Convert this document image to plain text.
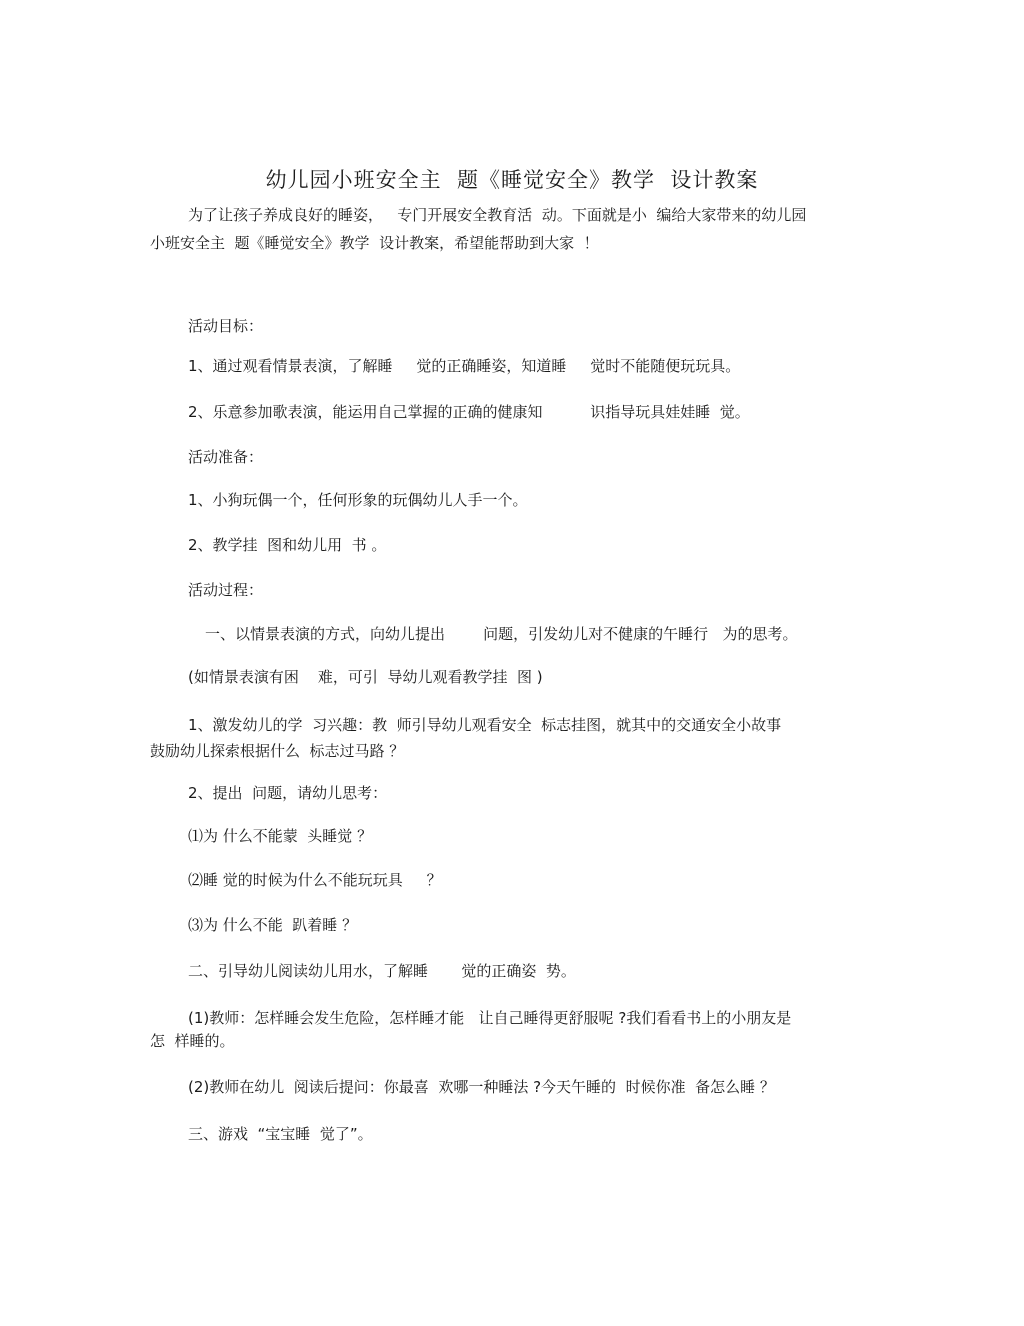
幼儿园小班安全主  题《睡觉安全》教学  设计教案
为了让孩子养成良好的睡姿，   专门开展安全教育活  动。下面就是小  编给大家带来的幼儿园
小班安全主  题《睡觉安全》教学  设计教案，希望能帮助到大家  ！
活动目标：
1、通过观看情景表演，了解睡     觉的正确睡姿，知道睡     觉时不能随便玩玩具。
2、乐意参加歌表演，能运用自己掌握的正确的健康知          识指导玩具娃娃睡  觉。
活动准备：
1、小狗玩偶一个，任何形象的玩偶幼儿人手一个。
2、教学挂  图和幼儿用  书 。
活动过程：
一、以情景表演的方式，向幼儿提出        问题，引发幼儿对不健康的午睡行   为的思考。
(如情景表演有困    难，可引  导幼儿观看教学挂  图 )
1、激发幼儿的学  习兴趣：教  师引导幼儿观看安全  标志挂图，就其中的交通安全小故事
鼓励幼儿探索根据什么  标志过马路 ？
2、提出  问题，请幼儿思考：
⑴为 什么不能蒙  头睡觉 ？
⑵睡 觉的时候为什么不能玩玩具     ？
⑶为 什么不能  趴着睡 ？
二、引导幼儿阅读幼儿用水，了解睡       觉的正确姿  势。
(1)教师：怎样睡会发生危险，怎样睡才能   让自己睡得更舒服呢 ?我们看看书上的小朋友是
怎  样睡的。
(2)教师在幼儿  阅读后提问：你最喜  欢哪一种睡法 ?今天午睡的  时候你准  备怎么睡 ？
三、游戏  “宝宝睡  觉了”。
